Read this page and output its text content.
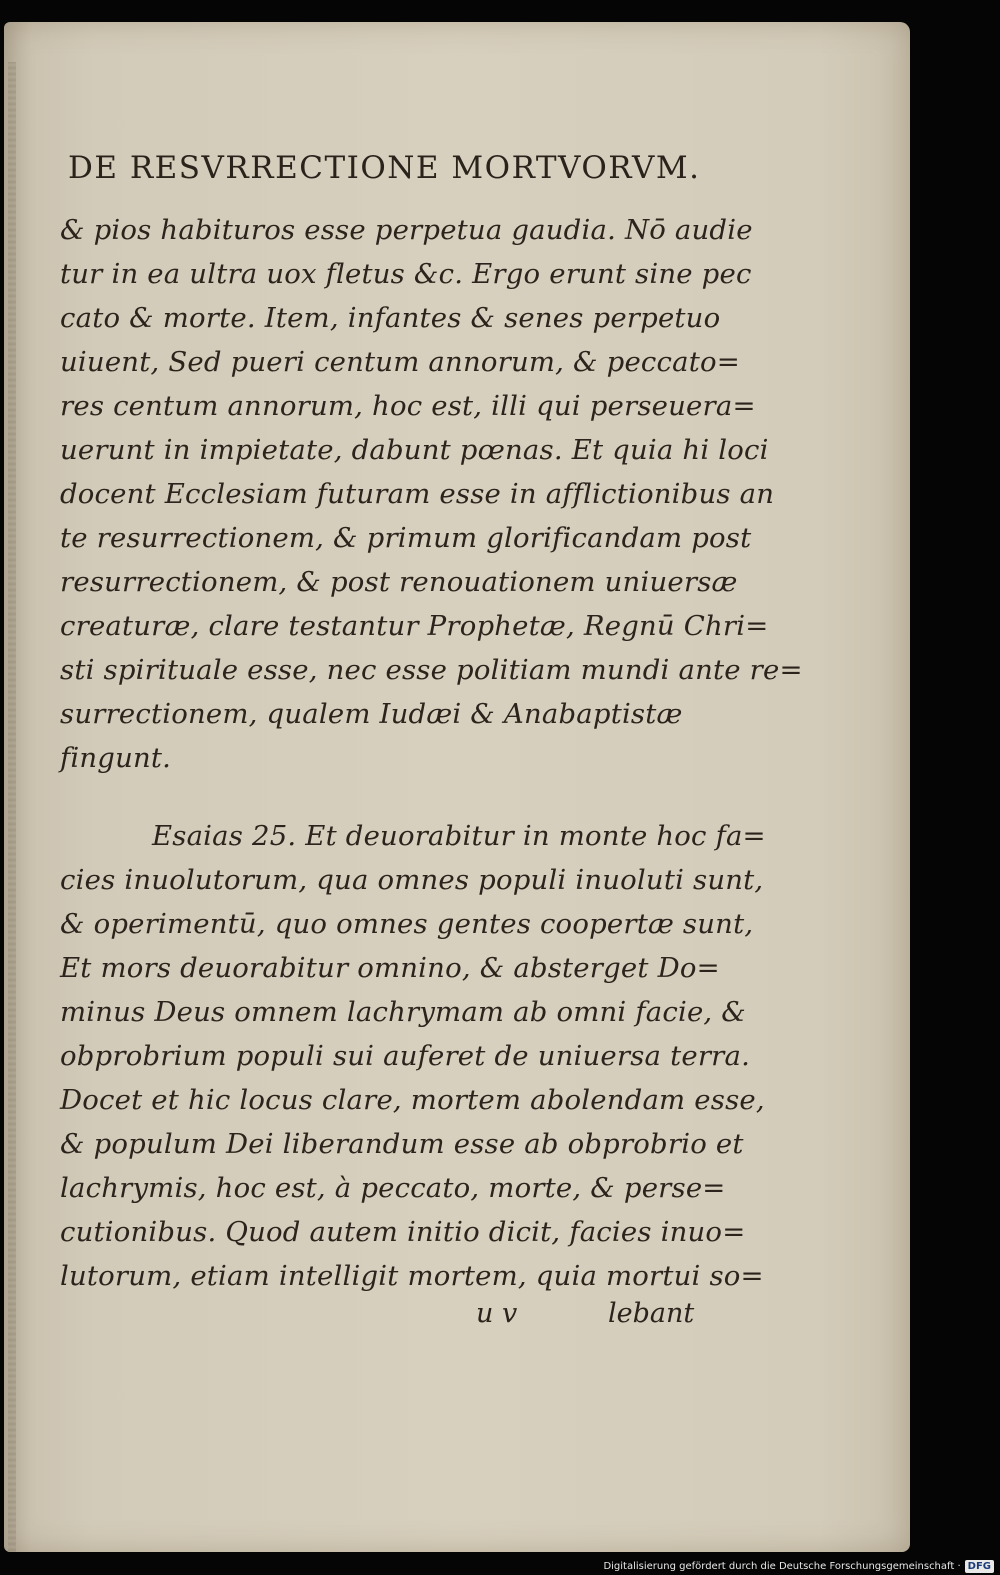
DE RESVRRECTIONE MORTVORVM.
& pios habituros esse perpetua gaudia. Nō audie
tur in ea ultra uox fletus &c. Ergo erunt sine pec
cato & morte. Item, infantes & senes perpetuo
uiuent, Sed pueri centum annorum, & peccato=
res centum annorum, hoc est, illi qui perseuera=
uerunt in impietate, dabunt pœnas. Et quia hi loci
docent Ecclesiam futuram esse in afflictionibus an
te resurrectionem, & primum glorificandam post
resurrectionem, & post renouationem uniuersæ
creaturæ, clare testantur Prophetæ, Regnū Chri=
sti spirituale esse, nec esse politiam mundi ante re=
surrectionem, qualem Iudæi & Anabaptistæ
fingunt.
Esaias 25. Et deuorabitur in monte hoc fa=
cies inuolutorum, qua omnes populi inuoluti sunt,
& operimentū, quo omnes gentes coopertæ sunt,
Et mors deuorabitur omnino, & absterget Do=
minus Deus omnem lachrymam ab omni facie, &
obprobrium populi sui auferet de uniuersa terra.
Docet et hic locus clare, mortem abolendam esse,
& populum Dei liberandum esse ab obprobrio et
lachrymis, hoc est, à peccato, morte, & perse=
cutionibus. Quod autem initio dicit, facies inuo=
lutorum, etiam intelligit mortem, quia mortui so=
u v	lebant
Digitalisierung gefördert durch die Deutsche Forschungsgemeinschaft · DFG
